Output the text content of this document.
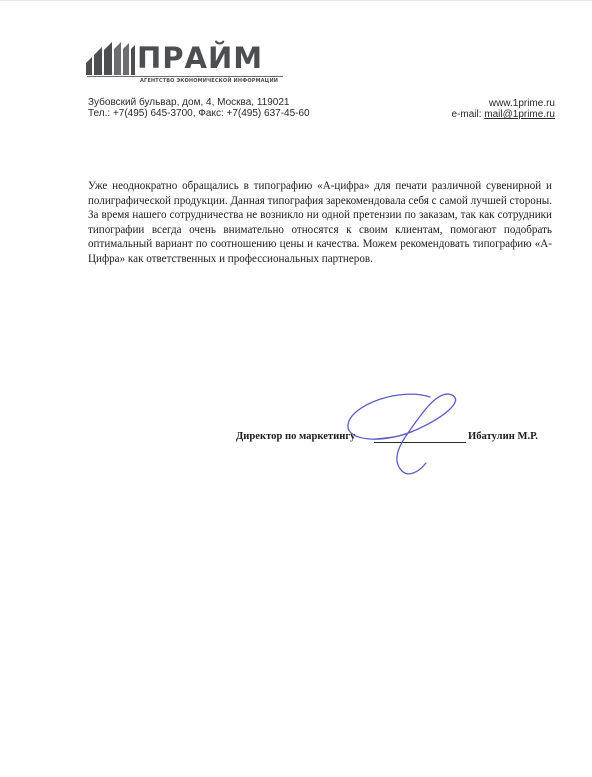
ПРАЙМ
АГЕНТСТВО ЭКОНОМИЧЕСКОЙ ИНФОРМАЦИИ
Зубовский бульвар, дом, 4, Москва, 119021
Тел.: +7(495) 645-3700, Факс: +7(495) 637-45-60
www.1prime.ru
e-mail: mail@1prime.ru

Уже неоднократно обращались в типографию «А-цифра» для печати различной сувенирной и полиграфической продукции. Данная типография зарекомендовала себя с самой лучшей стороны. За время нашего сотрудничества не возникло ни одной претензии по заказам, так как сотрудники типографии всегда очень внимательно относятся к своим клиентам, помогают подобрать оптимальный вариант по соотношению цены и качества. Можем рекомендовать типографию «А-Цифра» как ответственных и профессиональных партнеров.

Директор по маркетингу	Ибатулин М.Р.
